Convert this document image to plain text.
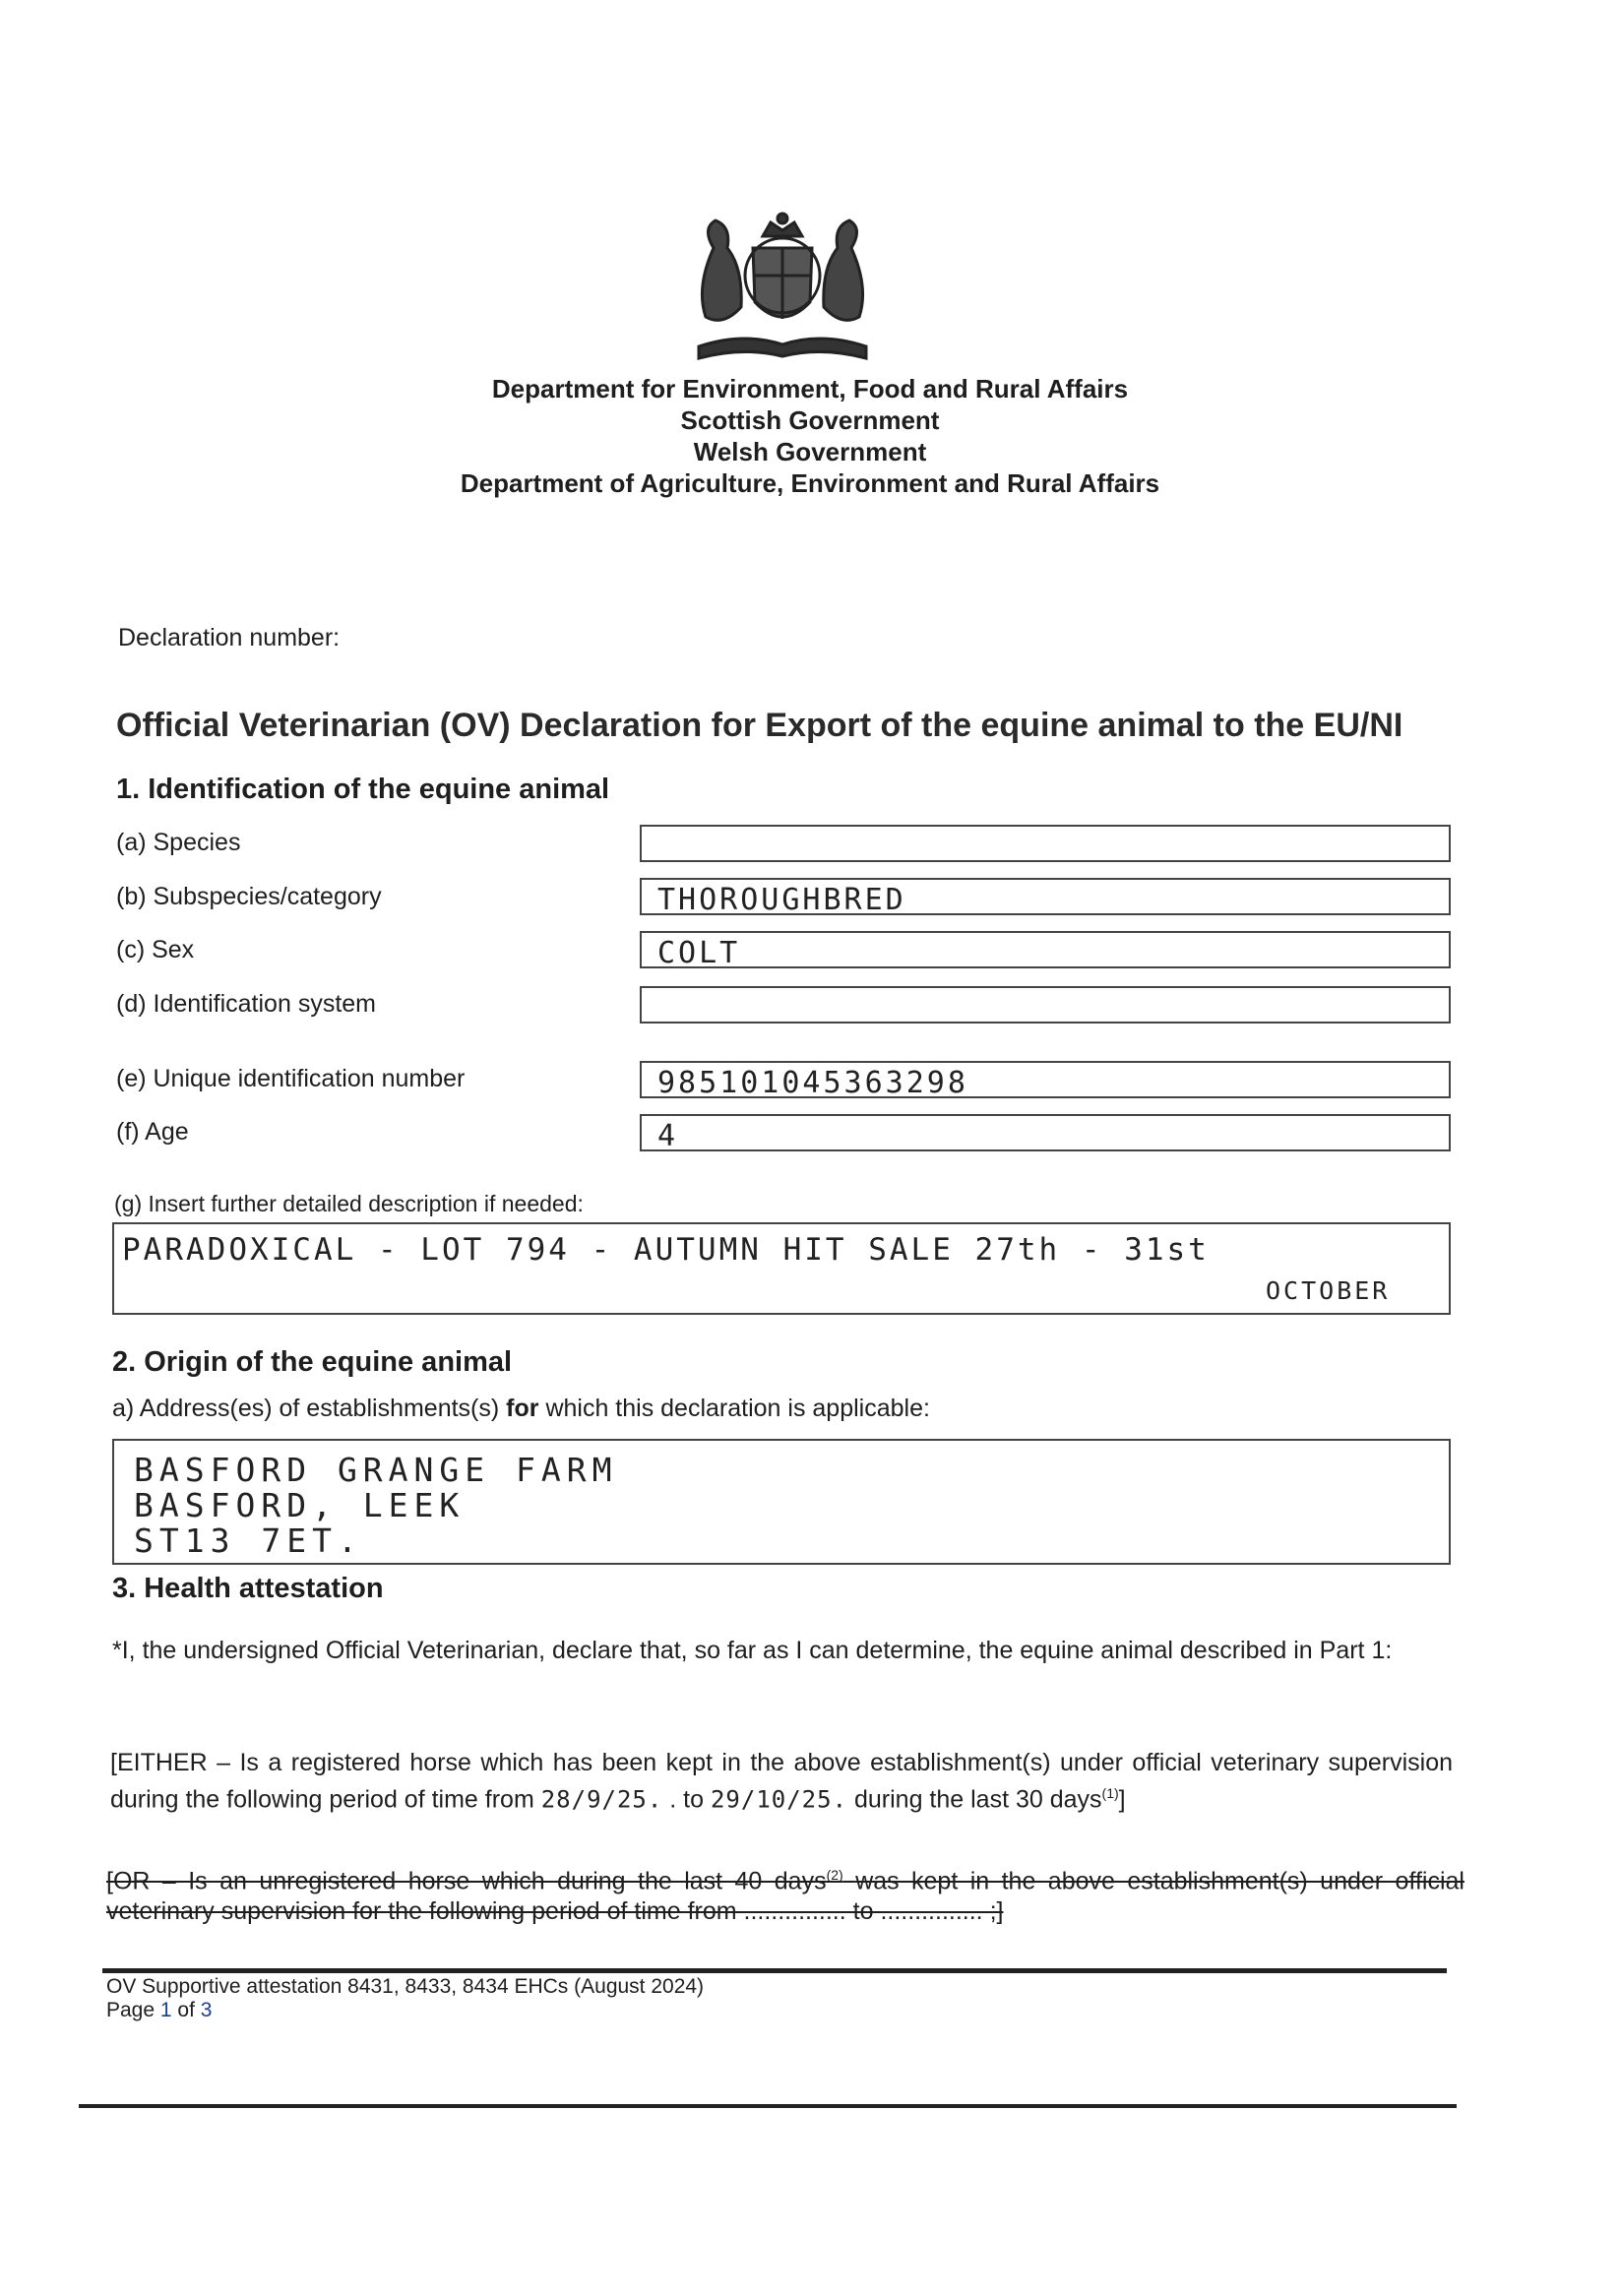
Department for Environment, Food and Rural Affairs
Scottish Government
Welsh Government
Department of Agriculture, Environment and Rural Affairs
Declaration number:
Official Veterinarian (OV) Declaration for Export of the equine animal to the EU/NI
1. Identification of the equine animal
(a) Species
(b) Subspecies/category	THOROUGHBRED
(c) Sex	COLT
(d) Identification system
(e) Unique identification number	985101045363298
(f) Age	4
(g) Insert further detailed description if needed:
PARADOXICAL - LOT 794 - AUTUMN HIT SALE 27th - 31st
OCTOBER
2. Origin of the equine animal
a) Address(es) of establishments(s) for which this declaration is applicable:
BASFORD GRANGE FARM
BASFORD, LEEK
ST13 7ET.
3. Health attestation
*I, the undersigned Official Veterinarian, declare that, so far as I can determine, the equine animal described in Part 1:
[EITHER – Is a registered horse which has been kept in the above establishment(s) under official veterinary supervision during the following period of time from 28/9/25. . to 29/10/25. during the last 30 days$^{(1)}$]
[OR – Is an unregistered horse which during the last 40 days$^{(2)}$ was kept in the above establishment(s) under official veterinary supervision for the following period of time from ............... to ............... ;]
OV Supportive attestation 8431, 8433, 8434 EHCs (August 2024)
Page 1 of 3
